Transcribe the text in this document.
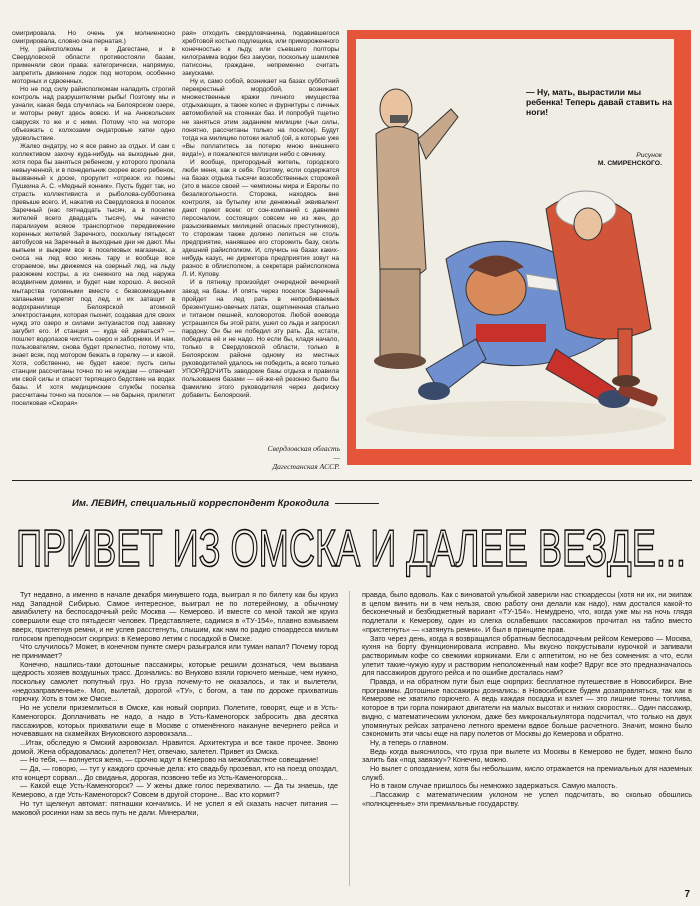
смигрировала. Но очень уж молниеносно смигрировала, словно она пернатая.)

Ну, райисполкомы и в Дагестане, и в Свердловской области противостояли базам, применяли свои права: категорически, напрямую, запретить движение лодок под мотором, особенно моторных и сдвоенных.

Но не под силу райисполкомам наладить строгий контроль над разрушителями рыбы! Поэтому мы и узнали, какая беда случилась на Белоярском озере, и моторы ревут здесь вовсю. И на Анюкольских саврусях то же и с ними. Потому что на моторе объезжать с колхозами ондатровые хатки одно удовольствие.

Жалко ондатру, но я все равно за отдых. И сам с коллективом захочу куда-нибудь на выходные дни, хотя пора бы заняться ребенком, у которого пропала невыученной, и в понедельник скорее всего ребенок, вызванный к доске, прорулит «отрезок из поэмы Пушкина А. С. «Медный конник». Пусть будет так, но страсть коллективиста и рыболова-субботника превыше всего. И, накатив из Свердловска в поселок Заречный (нас пятнадцать тысяч, а в поселке жителей всего двадцать тысяч), мы начисто парализуем всякое транспортное передвижение коренных жителей Заречного, поскольку пятьдесят автобусов на Заречный в выходные дни не дают. Мы выпьем и выжрем все в поселковых магазинах, а сноса на лед всю жизнь тару и вообще все сгораемое, мы движемся на озерный лед, на льду разожжем костры, а из снежного на лед наружа воздвигнем домики, и будет нам хорошо. А весной мытарства головными вместе с безвозмездными хапаньями укрепят под лед, и их затащит в водохранилище Белоярской атомной электростанции, которая пыхнет, создавая для своих нужд это озеро и силами энтузиастов под завязку загубит его. И станция — куда ей деваться? — пошлет водолазов чистить озеро и заборники. И нам, пользователям, снова будет прелестно, потому что, знает всяк, под мотором бежать в горелку — и какой. Хотя, собственно, не будет какое: пусть силы станции рассчитаны точно по не нуждам — отвечает им свой силы и спасет терпящего бедствие на водах базы. И хотя медицинские службы поселка рассчитаны точно на поселок — не барыня, прилетит поселковая «Скорая»

рая» отходить свердловчанина, подавившегося хребтовой костью подлещика, или примороженного конечностью к льду, или съевшего полторы килограмма водки без закуски, поскольку шамилев патисоны, граждане, непременно считать закусками.

Ну и, само собой, возникает на базах субботний перекрестный мордобой, возникает множественные кражи личного имущества отдыхающих, а также колес и фурнитуры с личных автомобилей на стоянках баз. И попробуй тщетно не заняться этим заданием милиции (чьи силы, понятно, рассчитаны только на поселок). Будут тогда на милицию потоки жалоб (ой, а которые уже «Вы поплатитесь за потерю мною внешнего вида!»), и пожалеются милиции небо с овчинку.

И вообще, пригородный житель, городского люби меня, как я себя. Поэтому, если содержатся на базах отдыха тысячи возсобственных сторожей (это в массе своей — чемпионы мира и Европы по безалкогольности. Сторожа, находясь вне контроля, за бутылку или денежный эквивалент дают приют всем: от сон-компаний с давними персоналом, состоящих совсем не из жен, до разыскиваемых милицией опасных преступников), то сторожам также должно лепиться не столь предприятие, нанявшее его сторожить базу, сколь здешний райисполком. И, случись на базах каких-нибудь казус, не директора предприятия зовут на разнос в облисполком, а секретаря райисполкома Л. И. Купову.

И в пятницу произойдет очередной вечерний заезд на базы. И опять через поселок Заречный пройдет на лед рать в непробиваемых брезентушно-овечьих латах, ощетиненная стально и титаном пешней, коловоротов. Любой воевода устрашился бы этой рати, ушел со льда и запросил пардону. Он бы не победил эту рать. Да, кстати, победила её и не надо. Но если бы, кладя начало, только в Свердловской области, только в Белоярском районе одному из местных руководителей удалось не победить, а всего только УПОРЯДОЧИТЬ заводские базы отдыха и правила пользования базами — ей-же-ей резонно было бы фамилию этого руководителя через дефиску добавить: Белоярский.

Свердловская область —
Дагестанская АССР.
— Ну, мать, вырастили мы ребенка! Теперь давай ставить на ноги!
Рисунок
М. СМИРЕНСКОГО.
Им. ЛЕВИН, специальный корреспондент Крокодила
ПРИВЕТ ИЗ ОМСКА И ДАЛЕЕ ВЕЗДЕ...

Тут недавно, а именно в начале декабря минувшего года, выиграл я по билету как бы круиз над Западной Сибирью. Самое интересное, выиграл не по лотерейному, а обычному авиабилету на беспосадочный рейс Москва — Кемерово. И вместе со мной такой же круиз совершили еще сто пятьдесят человек. Представляете, садимся в «ТУ-154», плавно взмываем вверх, пристегнув ремни, и не успев расстегнуть, слышим, как нам по радио стюардесса милым голоском преподносит сюрприз: в Кемерово летим с посадкой в Омске.

Что случилось? Может, в конечном пункте смерч разыгрался или туман напал? Почему город не принимает?

Конечно, нашлись-таки дотошные пассажиры, которые решили дознаться, чем вызвана щедрость хозяев воздушных трасс. Дознались: во Внуково взяли горючего меньше, чем нужно, поскольку самолет попутный груз. Но груза почему-то не оказалось, и так и вылетели, «недозаправленные». Мол, вылетай, дорогой «ТУ», с богом, а там по дороже прихватишь горючку. Хоть в том же Омске...

Но не успели приземлиться в Омске, как новый сюрприз. Полетите, говорят, еще и в Усть-Каменогорск. Доплачивать не надо, а надо в Усть-Каменогорск забросить два десятка пассажиров, которых прихватили еще в Москве с отменённого накануне вечернего рейса и ночевавших на скамейках Внуковского аэровокзала...

...Итак, обследую я Омский аэровокзал. Нравится. Архитектура и все такое прочее. Звоню домой. Жена обрадовалась: долетел? Нет, отвечаю, залетел. Привет из Омска.

— Но тебя, — волнуется жена, — срочно ждут в Кемерово на межобластное совещание!

— Да, — говорю, — тут у каждого срочные дела: кто свадьбу прозевал, кто на поезд опоздал, кто концерт сорвал... До свиданья, дорогая, позвоню тебе из Усть-Каменогорска...

— Какой еще Усть-Каменогорск? — У жены даже голос перехватило. — Да ты знаешь, где Кемерово, а где Усть-Каменогорск? Совсем в другой стороне... Вас кто кормит?

Но тут щелкнул автомат: пятнашки кончились. И не успел я ей сказать насчет питания — маковой росинки нам за весь путь не дали. Минералки,

правда, было вдоволь. Как с виноватой улыбкой заверили нас стюардессы (хотя ни их, ни экипаж в целом винить ни в чем нельзя, свою работу они делали как надо), нам достался какой-то бесконечный и безбюджетный вариант «ТУ-154». Немудрено, что, когда уже мы на ночь глядя подлетали к Кемерову, один из слегка ослабевших пассажиров прочитал на табло вместо «пристегнуть» — «затянуть ремни». И был в принципе прав.

Зато через день, когда я возвращался обратным беспосадочным рейсом Кемерово — Москва, кухня на борту функционировала исправно. Мы вкусно похрустывали курочкой и запивали растворимым кофе со свежими коржиками. Ели с аппетитом, но не без сомнения: а что, если улетит такие-чужую куру и растворим неположенный нам кофе? Вдруг все это предназначалось для пассажиров другого рейса и по ошибке досталась нам?

Правда, и на обратном пути был еще сюрприз: бесплатное путешествие в Новосибирск. Вне программы. Дотошные пассажиры дознались: в Новосибирске будем дозаправляться, так как в Кемерове не хватило горючего. А ведь каждая посадка и взлет — это лишние тонны топлива, которое в три горла пожирают двигатели на малых высотах и низких скоростях... Один пассажир, видно, с математическим уклоном, даже без микрокалькулятора подсчитал, что только на двух упомянутых рейсах затрачено летного времени вдвое больше расчетного. Значит, можно было сэкономить эти часы еще на пару полетов от Москвы до Кемерова и обратно.

Ну, а теперь о главном.

Ведь когда выяснилось, что груза при вылете из Москвы в Кемерово не будет, можно было залить бак «под завязку»? Конечно, можно.

Но вылет с опозданием, хотя бы небольшим, кисло отражается на премиальных для наземных служб.

Но в таком случае пришлось бы немножко задержаться. Самую малость.

...Пассажир с математическим уклоном не успел подсчитать, во сколько обошлись «полноценные» эти премиальные государству.

7
